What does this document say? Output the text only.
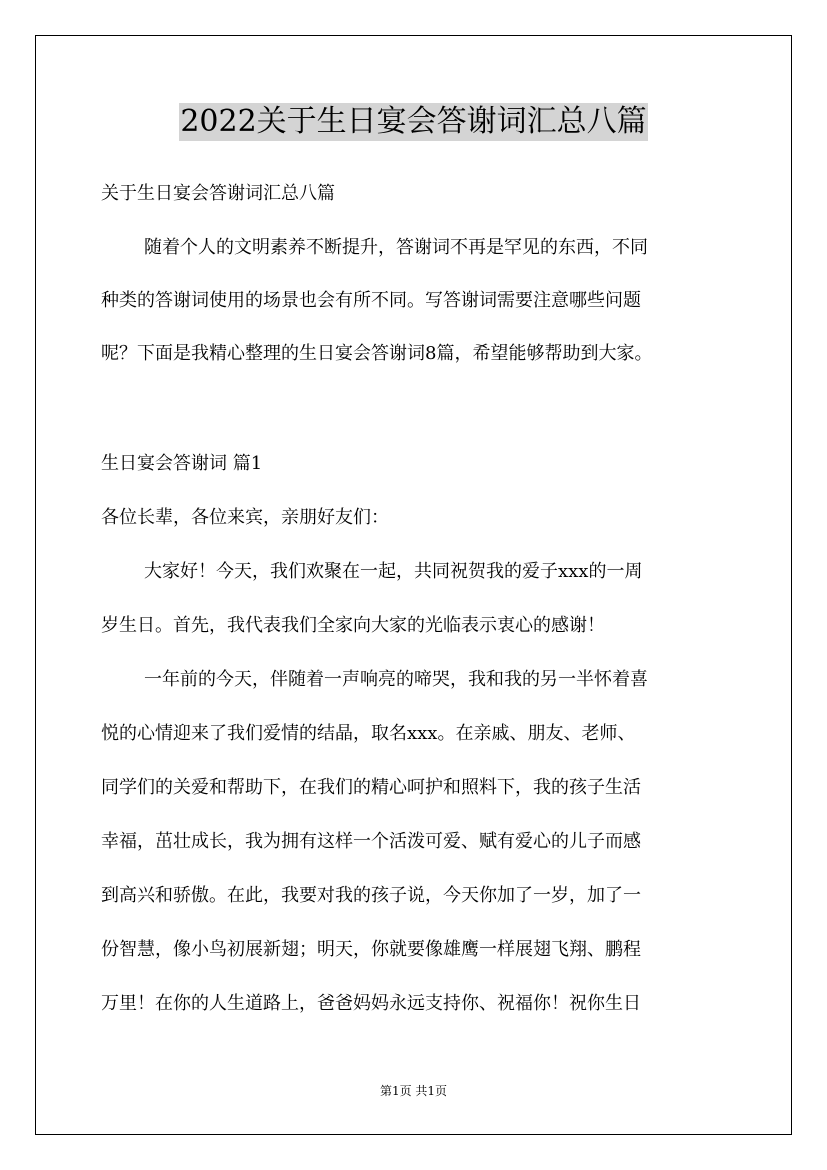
2022关于生日宴会答谢词汇总八篇
关于生日宴会答谢词汇总八篇
随着个人的文明素养不断提升，答谢词不再是罕见的东西，不同
种类的答谢词使用的场景也会有所不同。写答谢词需要注意哪些问题
呢？下面是我精心整理的生日宴会答谢词8篇，希望能够帮助到大家。
生日宴会答谢词 篇1
各位长辈，各位来宾，亲朋好友们：
大家好！今天，我们欢聚在一起，共同祝贺我的爱子xxx的一周
岁生日。首先，我代表我们全家向大家的光临表示衷心的感谢！
一年前的今天，伴随着一声响亮的啼哭，我和我的另一半怀着喜
悦的心情迎来了我们爱情的结晶，取名xxx。在亲戚、朋友、老师、
同学们的关爱和帮助下，在我们的精心呵护和照料下，我的孩子生活
幸福，茁壮成长，我为拥有这样一个活泼可爱、赋有爱心的儿子而感
到高兴和骄傲。在此，我要对我的孩子说，今天你加了一岁，加了一
份智慧，像小鸟初展新翅；明天，你就要像雄鹰一样展翅飞翔、鹏程
万里！在你的人生道路上，爸爸妈妈永远支持你、祝福你！祝你生日
第1页 共1页
